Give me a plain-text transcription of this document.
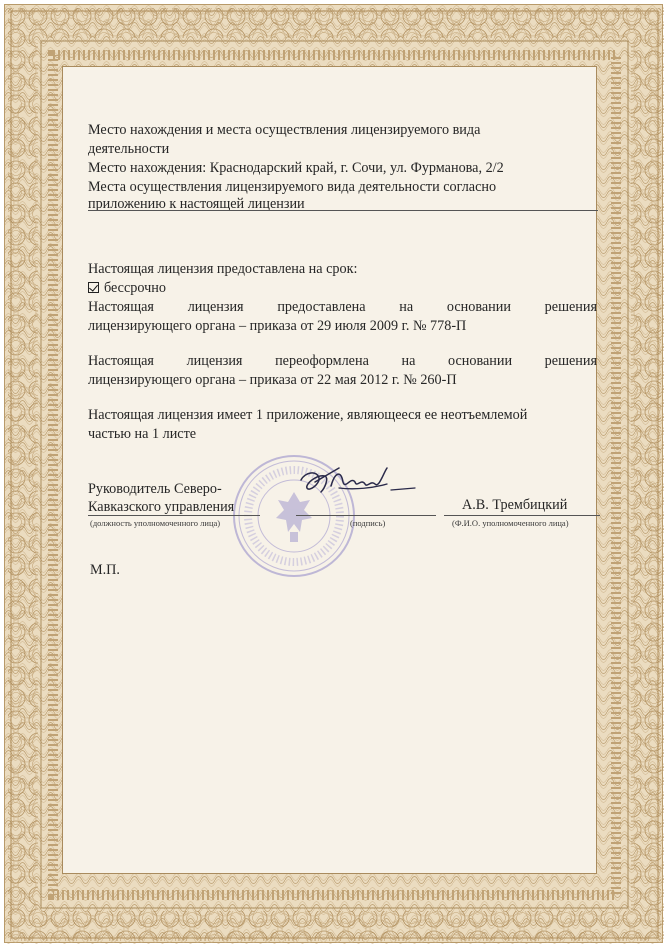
Место нахождения и места осуществления лицензируемого вида
деятельности
Место нахождения: Краснодарский край, г. Сочи, ул. Фурманова, 2/2
Места осуществления лицензируемого вида деятельности согласно
приложению к настоящей лицензии
Настоящая лицензия предоставлена на срок:
бессрочно
Настоящая лицензия предоставлена на основании решения
лицензирующего органа – приказа от 29 июля 2009 г. № 778-П
Настоящая лицензия переоформлена на основании решения
лицензирующего органа – приказа от 22 мая 2012 г. № 260-П
Настоящая лицензия имеет 1 приложение, являющееся ее неотъемлемой
частью на 1 листе
Руководитель Северо-
Кавказского управления	А.В. Трембицкий
(должность уполномоченного лица)	(подпись)	(Ф.И.О. уполномоченного лица)
М.П.
